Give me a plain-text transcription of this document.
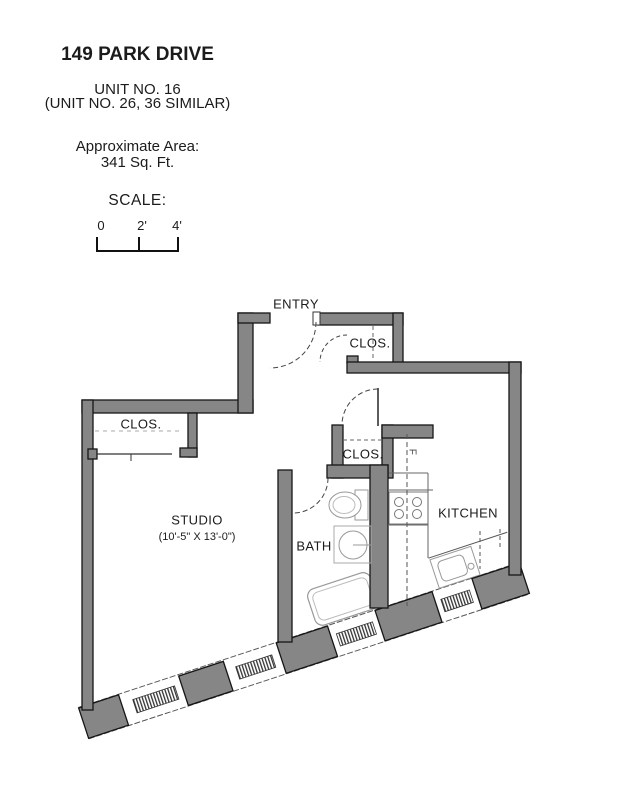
149 PARK DRIVE
UNIT NO. 16
(UNIT NO. 26, 36 SIMILAR)
Approximate Area:
341 Sq. Ft.
SCALE:
0	2' 4'
ENTRY
CLOS.
CLOS.
CLOS.
STUDIO
(10'-5" X 13'-0")
BATH
KITCHEN
F
